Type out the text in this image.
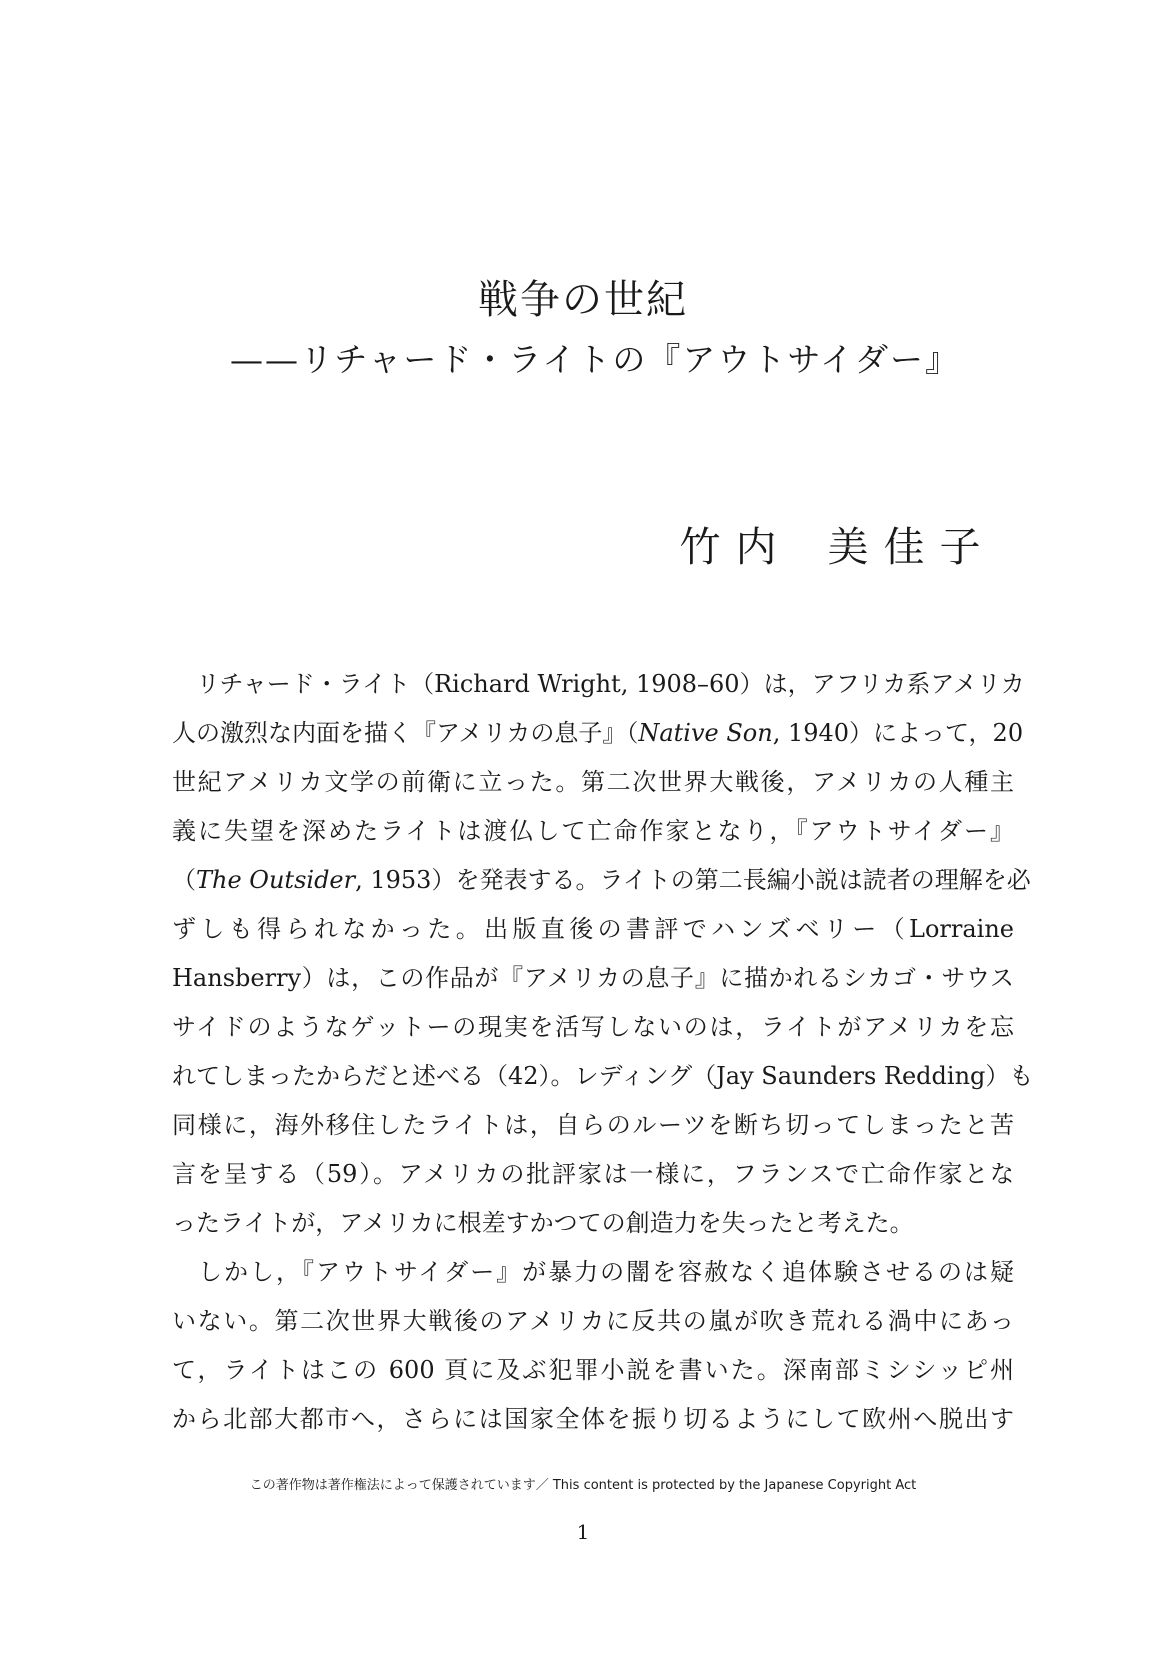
戦争の世紀
——リチャード・ライトの『アウトサイダー』
竹 内 美 佳 子
　リチャード・ライト（Richard Wright, 1908–60）は，アフリカ系アメリカ
人の激烈な内面を描く『アメリカの息子』（Native Son, 1940）によって，20
世紀アメリカ文学の前衛に立った。第二次世界大戦後，アメリカの人種主
義に失望を深めたライトは渡仏して亡命作家となり，『アウトサイダー』
（The Outsider, 1953）を発表する。ライトの第二長編小説は読者の理解を必
ずしも得られなかった。出版直後の書評でハンズベリー（Lorraine
Hansberry）は，この作品が『アメリカの息子』に描かれるシカゴ・サウス
サイドのようなゲットーの現実を活写しないのは，ライトがアメリカを忘
れてしまったからだと述べる（42）。レディング（Jay Saunders Redding）も
同様に，海外移住したライトは，自らのルーツを断ち切ってしまったと苦
言を呈する（59）。アメリカの批評家は一様に，フランスで亡命作家とな
ったライトが，アメリカに根差すかつての創造力を失ったと考えた。
　しかし，『アウトサイダー』が暴力の闇を容赦なく追体験させるのは疑
いない。第二次世界大戦後のアメリカに反共の嵐が吹き荒れる渦中にあっ
て，ライトはこの 600 頁に及ぶ犯罪小説を書いた。深南部ミシシッピ州
から北部大都市へ，さらには国家全体を振り切るようにして欧州へ脱出す
この著作物は著作権法によって保護されています／ This content is protected by the Japanese Copyright Act
1
